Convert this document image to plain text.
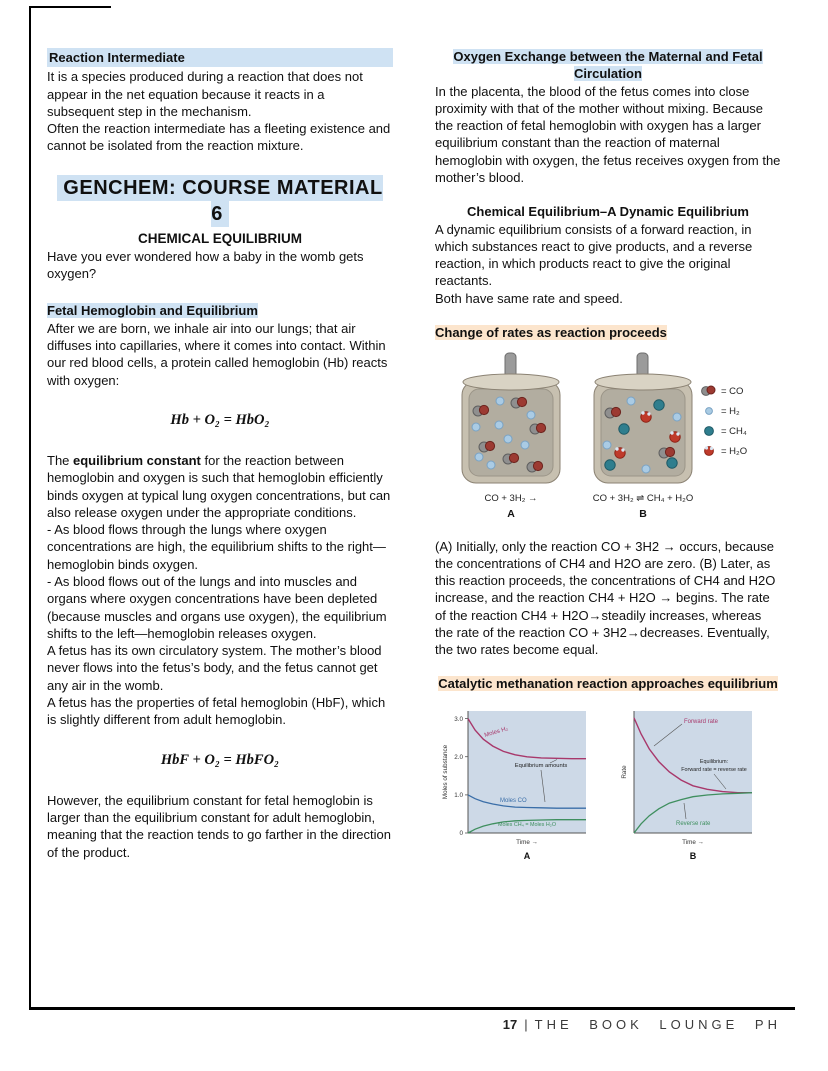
Reaction Intermediate

It is a species produced during a reaction that does not appear in the net equation because it reacts in a subsequent step in the mechanism.

Often the reaction intermediate has a fleeting existence and cannot be isolated from the reaction mixture.

GENCHEM: COURSE MATERIAL 6
CHEMICAL EQUILIBRIUM

Have you ever wondered how a baby in the womb gets oxygen?

Fetal Hemoglobin and Equilibrium

After we are born, we inhale air into our lungs; that air diffuses into capillaries, where it comes into contact. Within our red blood cells, a protein called hemoglobin (Hb) reacts with oxygen:

Hb + O₂ = HbO₂

The equilibrium constant for the reaction between hemoglobin and oxygen is such that hemoglobin efficiently binds oxygen at typical lung oxygen concentrations, but can also release oxygen under the appropriate conditions.

- As blood flows through the lungs where oxygen concentrations are high, the equilibrium shifts to the right—hemoglobin binds oxygen.

- As blood flows out of the lungs and into muscles and organs where oxygen concentrations have been depleted (because muscles and organs use oxygen), the equilibrium shifts to the left—hemoglobin releases oxygen.

A fetus has its own circulatory system. The mother’s blood never flows into the fetus’s body, and the fetus cannot get any air in the womb.

A fetus has the properties of fetal hemoglobin (HbF), which is slightly different from adult hemoglobin.

HbF + O₂ = HbFO₂

However, the equilibrium constant for fetal hemoglobin is larger than the equilibrium constant for adult hemoglobin, meaning that the reaction tends to go farther in the direction of the product.

Oxygen Exchange between the Maternal and Fetal Circulation

In the placenta, the blood of the fetus comes into close proximity with that of the mother without mixing. Because the reaction of fetal hemoglobin with oxygen has a larger equilibrium constant than the reaction of maternal hemoglobin with oxygen, the fetus receives oxygen from the mother’s blood.

Chemical Equilibrium–A Dynamic Equilibrium

A dynamic equilibrium consists of a forward reaction, in which substances react to give products, and a reverse reaction, in which products react to give the original reactants.

Both have same rate and speed.

Change of rates as reaction proceeds

= CO
= H₂
= CH₄
= H₂O
CO + 3H₂ →	CO + 3H₂ ⇌ CH₄ + H₂O
A	B

(A) Initially, only the reaction CO + 3H2 → occurs, because the concentrations of CH4 and H2O are zero. (B) Later, as this reaction proceeds, the concentrations of CH4 and H2O increase, and the reaction CH4 + H2O → begins. The rate of the reaction CH4 + H2O→steadily increases, whereas the rate of the reaction CO + 3H2→decreases. Eventually, the two rates become equal.

Catalytic methanation reaction approaches equilibrium
3.0
2.0
1.0
0
Moles of substance
Moles H₂
Equilibrium amounts
Moles CO
Moles CH₄ = Moles H₂O
Time →
A
Rate
Forward rate
Equilibrium:
Forward rate = reverse rate
Reverse rate
Time →
B
17 | THE BOOK LOUNGE PH
